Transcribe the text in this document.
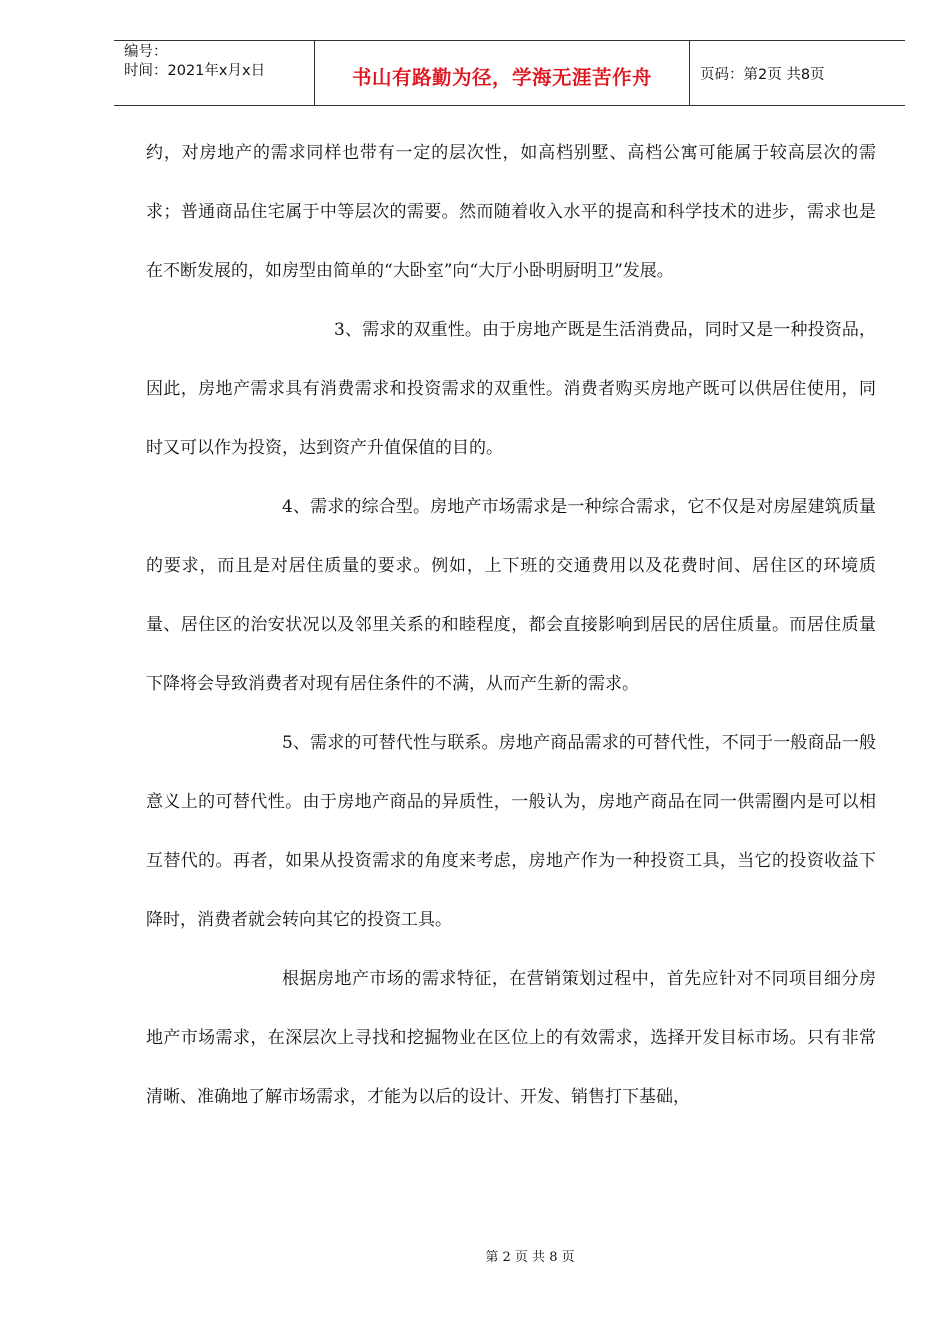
编号：
时间：2021年x月x日	书山有路勤为径，学海无涯苦作舟	页码：第2页 共8页

约，对房地产的需求同样也带有一定的层次性，如高档别墅、高档公寓可能属于较高层次的需求；普通商品住宅属于中等层次的需要。然而随着收入水平的提高和科学技术的进步，需求也是在不断发展的，如房型由简单的“大卧室”向“大厅小卧明厨明卫”发展。

3、需求的双重性。由于房地产既是生活消费品，同时又是一种投资品，因此，房地产需求具有消费需求和投资需求的双重性。消费者购买房地产既可以供居住使用，同时又可以作为投资，达到资产升值保值的目的。

4、需求的综合型。房地产市场需求是一种综合需求，它不仅是对房屋建筑质量的要求，而且是对居住质量的要求。例如，上下班的交通费用以及花费时间、居住区的环境质量、居住区的治安状况以及邻里关系的和睦程度，都会直接影响到居民的居住质量。而居住质量下降将会导致消费者对现有居住条件的不满，从而产生新的需求。

5、需求的可替代性与联系。房地产商品需求的可替代性，不同于一般商品一般意义上的可替代性。由于房地产商品的异质性，一般认为，房地产商品在同一供需圈内是可以相互替代的。再者，如果从投资需求的角度来考虑，房地产作为一种投资工具，当它的投资收益下降时，消费者就会转向其它的投资工具。

根据房地产市场的需求特征，在营销策划过程中，首先应针对不同项目细分房地产市场需求，在深层次上寻找和挖掘物业在区位上的有效需求，选择开发目标市场。只有非常清晰、准确地了解市场需求，才能为以后的设计、开发、销售打下基础，

第 2 页 共 8 页
